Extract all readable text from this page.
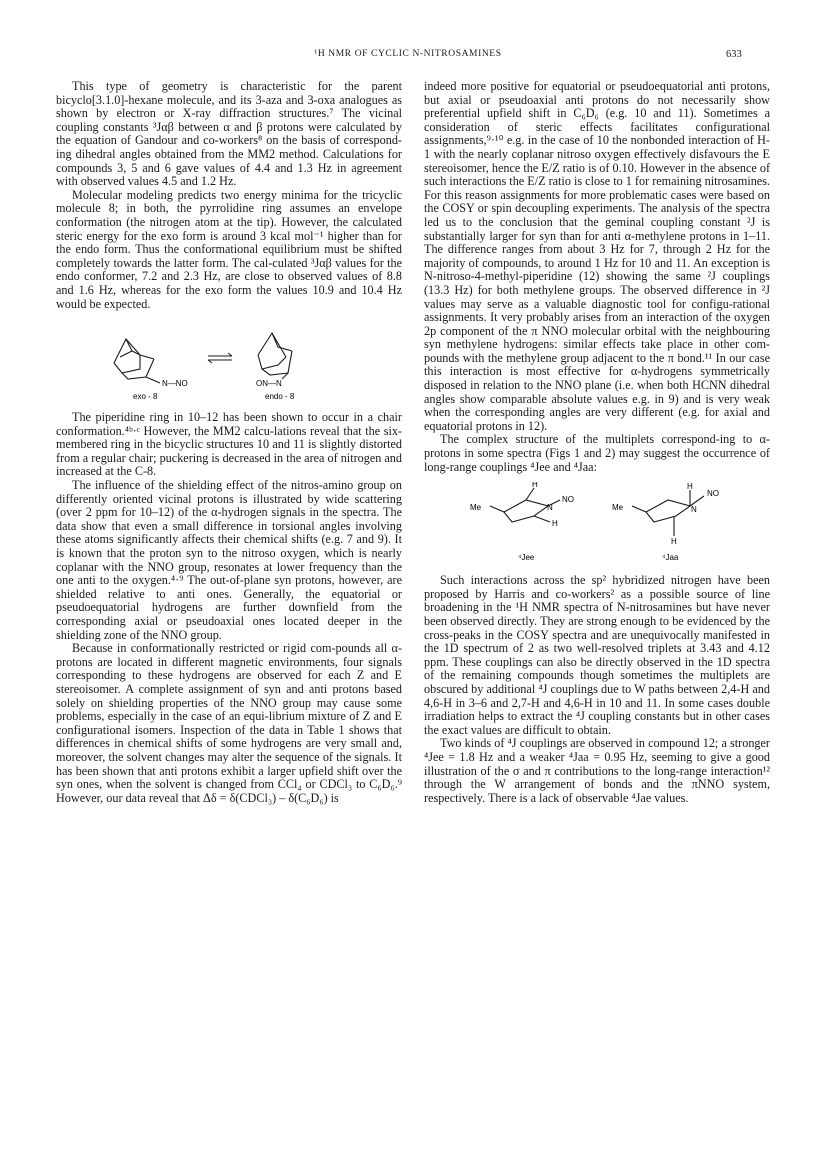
¹H NMR OF CYCLIC N-NITROSAMINES	633

This type of geometry is characteristic for the parent bicyclo[3.1.0]-hexane molecule, and its 3-aza and 3-oxa analogues as shown by electron or X-ray diffraction structures.⁷ The vicinal coupling constants ³Jαβ between α and β protons were calculated by the equation of Gandour and co-workers⁸ on the basis of correspond-ing dihedral angles obtained from the MM2 method. Calculations for compounds 3, 5 and 6 gave values of 4.4 and 1.3 Hz in agreement with observed values 4.5 and 1.2 Hz.

Molecular modeling predicts two energy minima for the tricyclic molecule 8; in both, the pyrrolidine ring assumes an envelope conformation (the nitrogen atom at the tip). However, the calculated steric energy for the exo form is around 3 kcal mol⁻¹ higher than for the endo form. Thus the conformational equilibrium must be shifted completely towards the latter form. The cal-culated ³Jαβ values for the endo conformer, 7.2 and 2.3 Hz, are close to observed values of 8.8 and 1.6 Hz, whereas for the exo form the values 10.9 and 10.4 Hz would be expected.

N—NO	ON—N
exo - 8	endo - 8

The piperidine ring in 10–12 has been shown to occur in a chair conformation.⁴ᵇ·ᶜ However, the MM2 calcu-lations reveal that the six-membered ring in the bicyclic structures 10 and 11 is slightly distorted from a regular chair; puckering is decreased in the area of nitrogen and increased at the C-8.

The influence of the shielding effect of the nitros-amino group on differently oriented vicinal protons is illustrated by wide scattering (over 2 ppm for 10–12) of the α-hydrogen signals in the spectra. The data show that even a small difference in torsional angles involving these atoms significantly affects their chemical shifts (e.g. 7 and 9). It is known that the proton syn to the nitroso oxygen, which is nearly coplanar with the NNO group, resonates at lower frequency than the one anti to the oxygen.⁴·⁹ The out-of-plane syn protons, however, are shielded relative to anti ones. Generally, the equatorial or pseudoequatorial hydrogens are further downfield from the corresponding axial or pseudoaxial ones located deeper in the shielding zone of the NNO group.

Because in conformationally restricted or rigid com-pounds all α-protons are located in different magnetic environments, four signals corresponding to these hydrogens are observed for each Z and E stereoisomer. A complete assignment of syn and anti protons based solely on shielding properties of the NNO group may cause some problems, especially in the case of an equi-librium mixture of Z and E configurational isomers. Inspection of the data in Table 1 shows that differences in chemical shifts of some hydrogens are very small and, moreover, the solvent changes may alter the sequence of the signals. It has been shown that anti protons exhibit a larger upfield shift over the syn ones, when the solvent is changed from CCl₄ or CDCl₃ to C₆D₆.⁹ However, our data reveal that Δδ = δ(CDCl₃) – δ(C₆D₆) is

indeed more positive for equatorial or pseudoequatorial anti protons, but axial or pseudoaxial anti protons do not necessarily show preferential upfield shift in C₆D₆ (e.g. 10 and 11). Sometimes a consideration of steric effects facilitates configurational assignments,⁹·¹⁰ e.g. in the case of 10 the nonbonded interaction of H-1 with the nearly coplanar nitroso oxygen effectively disfavours the E stereoisomer, hence the E/Z ratio is of 0.10. However in the absence of such interactions the E/Z ratio is close to 1 for remaining nitrosamines. For this reason assignments for more problematic cases were based on the COSY or spin decoupling experiments. The analysis of the spectra led us to the conclusion that the geminal coupling constant ²J is substantially larger for syn than for anti α-methylene protons in 1–11. The difference ranges from about 3 Hz for 7, through 2 Hz for the majority of compounds, to around 1 Hz for 10 and 11. An exception is N-nitroso-4-methyl-piperidine (12) showing the same ²J couplings (13.3 Hz) for both methylene groups. The observed difference in ²J values may serve as a valuable diagnostic tool for configu-rational assignments. It very probably arises from an interaction of the oxygen 2p component of the π NNO molecular orbital with the neighbouring syn methylene hydrogens: similar effects take place in other com-pounds with the methylene group adjacent to the π bond.¹¹ In our case this interaction is most effective for α-hydrogens symmetrically disposed in relation to the NNO plane (i.e. when both HCNN dihedral angles show comparable absolute values e.g. in 9) and is very weak when the corresponding angles are very different (e.g. for axial and equatorial protons in 12).

The complex structure of the multiplets correspond-ing to α-protons in some spectra (Figs 1 and 2) may suggest the occurrence of long-range couplings ⁴Jee and ⁴Jaa:

Me
H
N
NO
H
⁴Jee
Me
H
N
NO
H
⁴Jaa

Such interactions across the sp² hybridized nitrogen have been proposed by Harris and co-workers² as a possible source of line broadening in the ¹H NMR spectra of N-nitrosamines but have never been observed directly. They are strong enough to be evidenced by the cross-peaks in the COSY spectra and are unequivocally manifested in the 1D spectrum of 2 as two well-resolved triplets at 3.43 and 4.12 ppm. These couplings can also be directly observed in the 1D spectra of the remaining compounds though sometimes the multiplets are obscured by additional ⁴J couplings due to W paths between 2,4-H and 4,6-H in 3–6 and 2,7-H and 4,6-H in 10 and 11. In some cases double irradiation helps to extract the ⁴J coupling constants but in other cases the exact values are difficult to obtain.

Two kinds of ⁴J couplings are observed in compound 12; a stronger ⁴Jee = 1.8 Hz and a weaker ⁴Jaa = 0.95 Hz, seeming to give a good illustration of the σ and π contributions to the long-range interaction¹² through the W arrangement of bonds and the πNNO system, respectively. There is a lack of observable ⁴Jae values.
